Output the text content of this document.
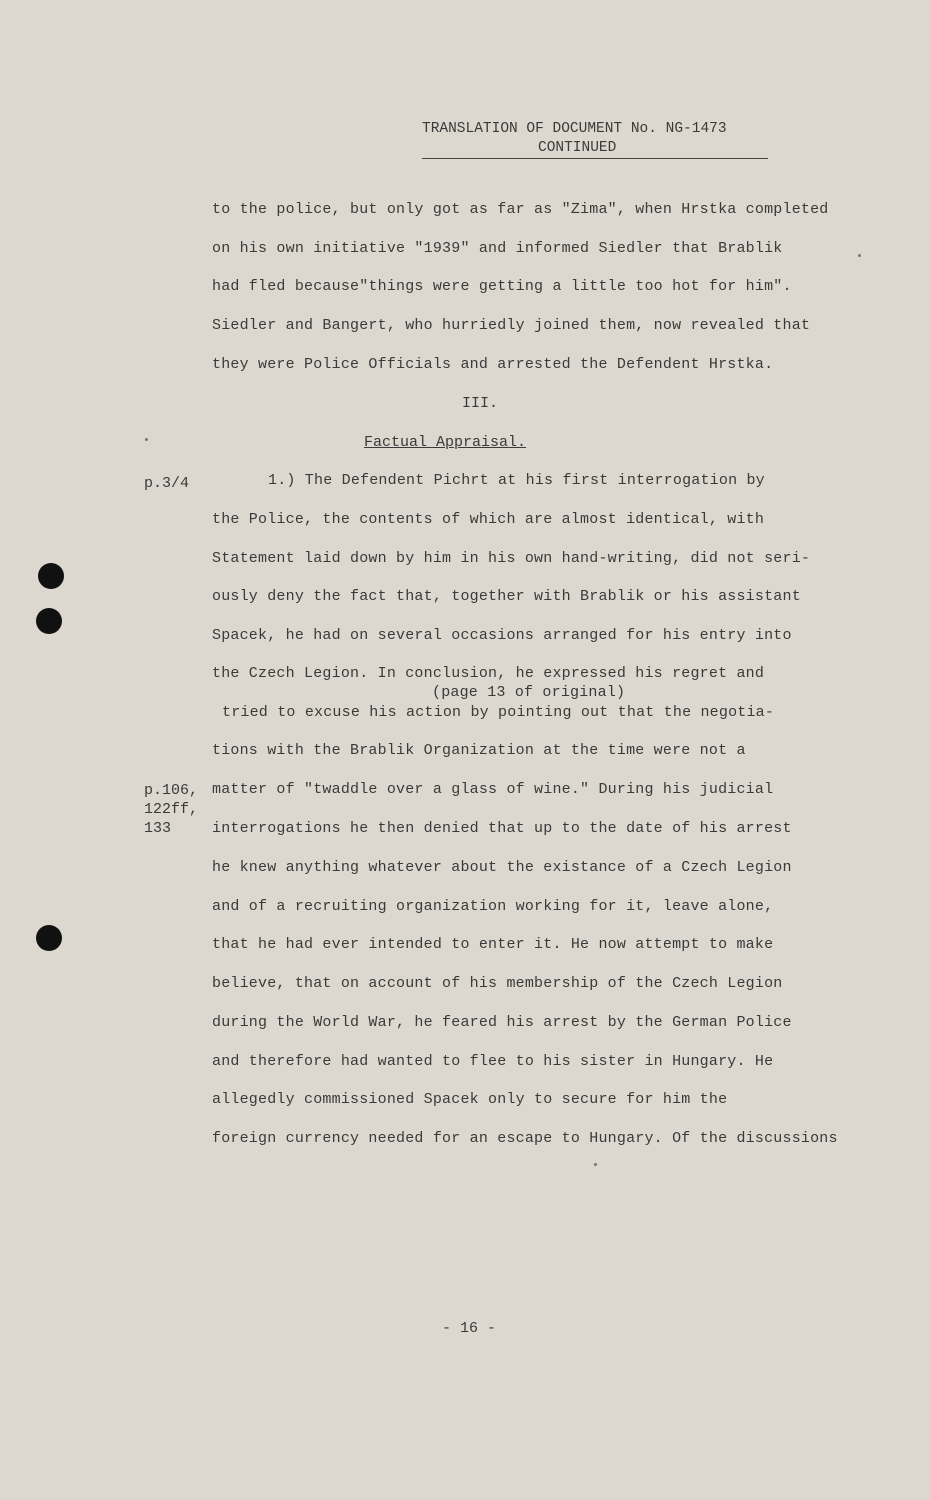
TRANSLATION OF DOCUMENT No. NG-1473
CONTINUED
to the police, but only got as far as "Zima", when Hrstka completed
on his own initiative "1939" and informed Siedler that Brablik
had fled because"things were getting a little too hot for him".
Siedler and Bangert, who hurriedly joined them, now revealed that
they were Police Officials and arrested the Defendent Hrstka.
III.
Factual Appraisal.
p.3/4	1.) The Defendent Pichrt at his first interrogation by
the Police, the contents of which are almost identical, with
Statement laid down by him in his own hand-writing, did not seri-
ously deny the fact that, together with Brablik or his assistant
Spacek, he had on several occasions arranged for his entry into
the Czech Legion. In conclusion, he expressed his regret and
(page 13 of original)
tried to excuse his action by pointing out that the negotia-
tions with the Brablik Organization at the time were not a
p.106,
122ff,
133
matter of "twaddle over a glass of wine." During his judicial
interrogations he then denied that up to the date of his arrest
he knew anything whatever about the existance of a Czech Legion
and of a recruiting organization working for it, leave alone,
that he had ever intended to enter it. He now attempt to make
believe, that on account of his membership of the Czech Legion
during the World War, he feared his arrest by the German Police
and therefore had wanted to flee to his sister in Hungary. He
allegedly commissioned Spacek only to secure for him the
foreign currency needed for an escape to Hungary. Of the discussions
- 16 -
